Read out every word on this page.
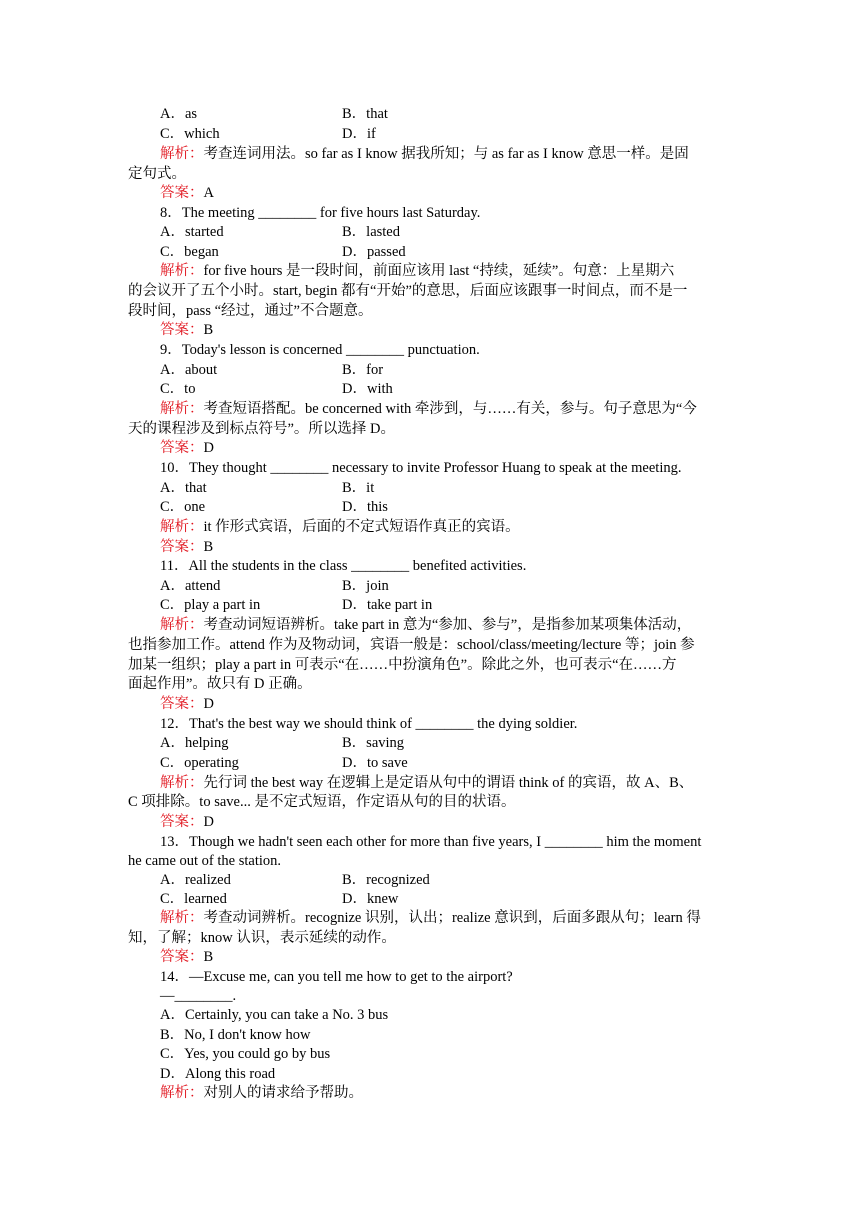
A．as	B．that
C．which	D．if
解析：考查连词用法。so far as I know 据我所知；与 as far as I know 意思一样。是固
定句式。
答案：A
8．The meeting ________ for five hours last Saturday.
A．started	B．lasted
C．began	D．passed
解析：for five hours 是一段时间，前面应该用 last “持续，延续”。句意：上星期六
的会议开了五个小时。start, begin 都有“开始”的意思，后面应该跟事一时间点，而不是一
段时间，pass “经过，通过”不合题意。
答案：B
9．Today's lesson is concerned ________ punctuation.
A．about	B．for
C．to	D．with
解析：考查短语搭配。be concerned with 牵涉到，与……有关，参与。句子意思为“今
天的课程涉及到标点符号”。所以选择 D。
答案：D
10．They thought ________ necessary to invite Professor Huang to speak at the meeting.
A．that	B．it
C．one	D．this
解析：it 作形式宾语，后面的不定式短语作真正的宾语。
答案：B
11．All the students in the class ________ benefited activities.
A．attend	B．join
C．play a part in	D．take part in
解析：考查动词短语辨析。take part in 意为“参加、参与”，是指参加某项集体活动，
也指参加工作。attend 作为及物动词，宾语一般是：school/class/meeting/lecture 等；join 参
加某一组织；play a part in 可表示“在……中扮演角色”。除此之外，也可表示“在……方
面起作用”。故只有 D 正确。
答案：D
12．That's the best way we should think of ________ the dying soldier.
A．helping	B．saving
C．operating	D．to save
解析：先行词 the best way 在逻辑上是定语从句中的谓语 think of 的宾语，故 A、B、
C 项排除。to save... 是不定式短语，作定语从句的目的状语。
答案：D
13．Though we hadn't seen each other for more than five years, I ________ him the moment
he came out of the station.
A．realized	B．recognized
C．learned	D．knew
解析：考查动词辨析。recognize 识别，认出；realize 意识到，后面多跟从句；learn 得
知，了解；know 认识，表示延续的动作。
答案：B
14．—Excuse me, can you tell me how to get to the airport?
—________.
A．Certainly, you can take a No. 3 bus
B．No, I don't know how
C．Yes, you could go by bus
D．Along this road
解析：对别人的请求给予帮助。
